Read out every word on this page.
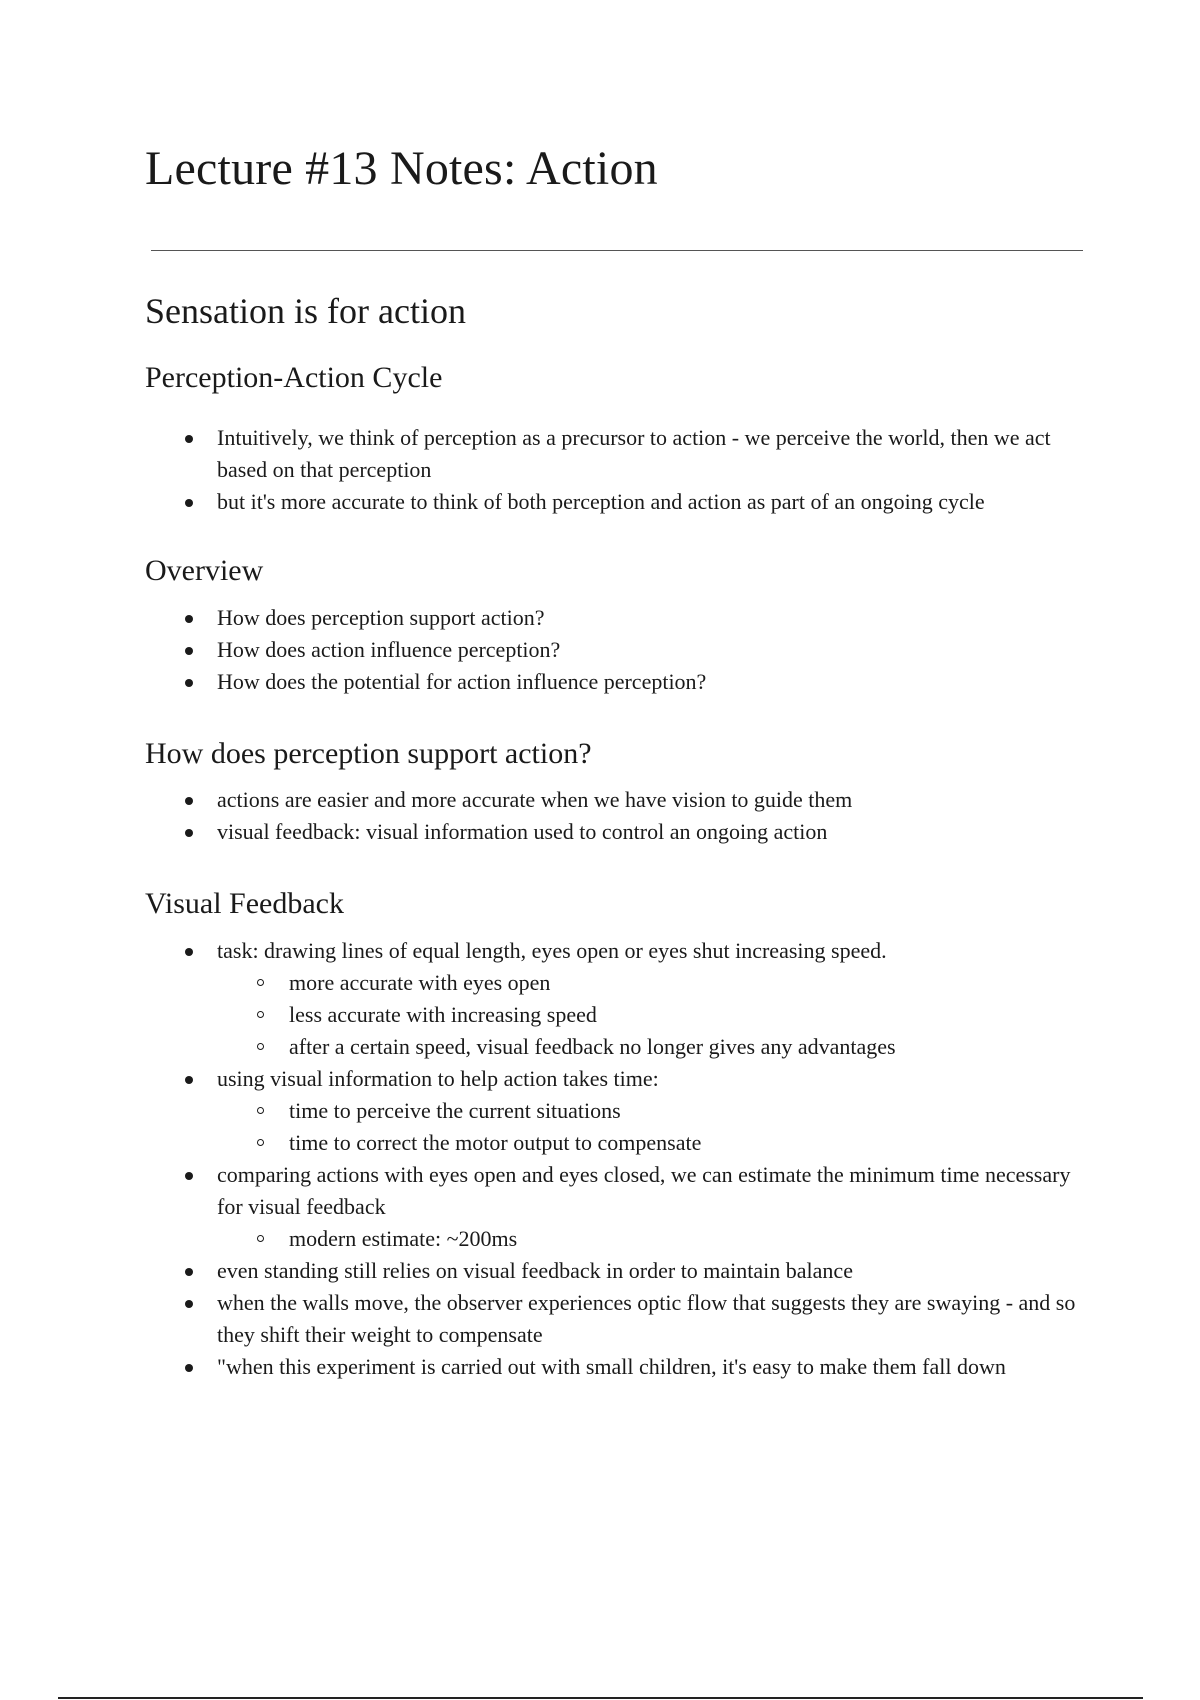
Lecture #13 Notes: Action
Sensation is for action
Perception-Action Cycle
Intuitively, we think of perception as a precursor to action - we perceive the world, then we act based on that perception
but it's more accurate to think of both perception and action as part of an ongoing cycle
Overview
How does perception support action?
How does action influence perception?
How does the potential for action influence perception?
How does perception support action?
actions are easier and more accurate when we have vision to guide them
visual feedback: visual information used to control an ongoing action
Visual Feedback
task: drawing lines of equal length, eyes open or eyes shut increasing speed.
more accurate with eyes open
less accurate with increasing speed
after a certain speed, visual feedback no longer gives any advantages
using visual information to help action takes time:
time to perceive the current situations
time to correct the motor output to compensate
comparing actions with eyes open and eyes closed, we can estimate the minimum time necessary for visual feedback
modern estimate: ~200ms
even standing still relies on visual feedback in order to maintain balance
when the walls move, the observer experiences optic flow that suggests they are swaying - and so they shift their weight to compensate
"when this experiment is carried out with small children, it's easy to make them fall down
